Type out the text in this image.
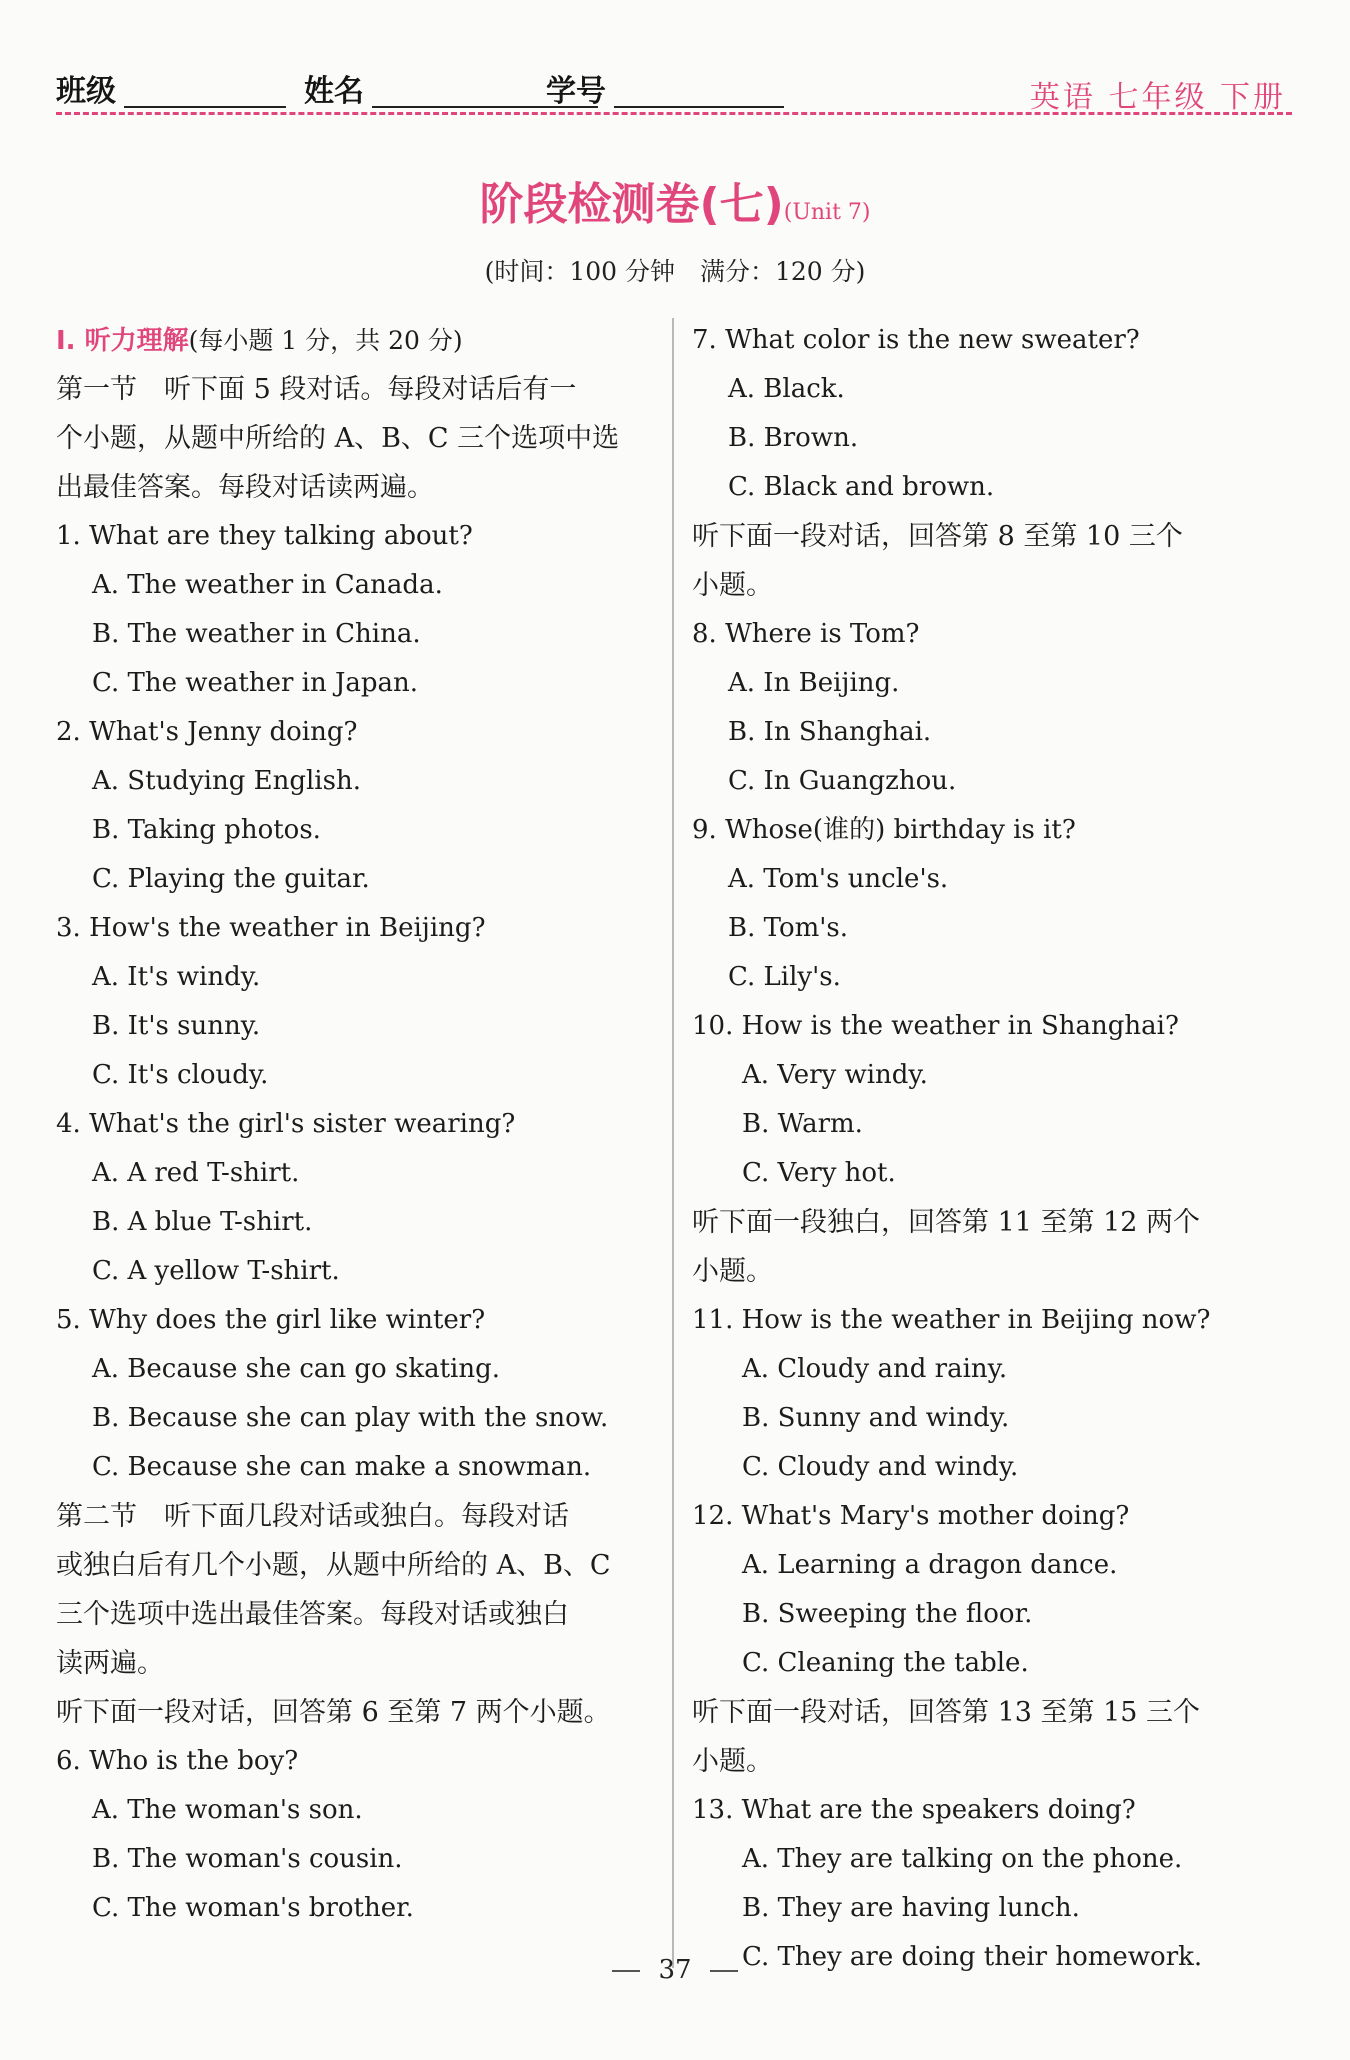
班级	姓名	学号	英语 七年级 下册
阶段检测卷(七)(Unit 7)
(时间：100 分钟　满分：120 分)
Ⅰ. 听力理解(每小题 1 分，共 20 分)
第一节　听下面 5 段对话。每段对话后有一
个小题，从题中所给的 A、B、C 三个选项中选
出最佳答案。每段对话读两遍。
1. What are they talking about?
A. The weather in Canada.
B. The weather in China.
C. The weather in Japan.
2. What's Jenny doing?
A. Studying English.
B. Taking photos.
C. Playing the guitar.
3. How's the weather in Beijing?
A. It's windy.
B. It's sunny.
C. It's cloudy.
4. What's the girl's sister wearing?
A. A red T-shirt.
B. A blue T-shirt.
C. A yellow T-shirt.
5. Why does the girl like winter?
A. Because she can go skating.
B. Because she can play with the snow.
C. Because she can make a snowman.
第二节　听下面几段对话或独白。每段对话
或独白后有几个小题，从题中所给的 A、B、C
三个选项中选出最佳答案。每段对话或独白
读两遍。
听下面一段对话，回答第 6 至第 7 两个小题。
6. Who is the boy?
A. The woman's son.
B. The woman's cousin.
C. The woman's brother.
7. What color is the new sweater?
A. Black.
B. Brown.
C. Black and brown.
听下面一段对话，回答第 8 至第 10 三个
小题。
8. Where is Tom?
A. In Beijing.
B. In Shanghai.
C. In Guangzhou.
9. Whose(谁的) birthday is it?
A. Tom's uncle's.
B. Tom's.
C. Lily's.
10. How is the weather in Shanghai?
A. Very windy.
B. Warm.
C. Very hot.
听下面一段独白，回答第 11 至第 12 两个
小题。
11. How is the weather in Beijing now?
A. Cloudy and rainy.
B. Sunny and windy.
C. Cloudy and windy.
12. What's Mary's mother doing?
A. Learning a dragon dance.
B. Sweeping the floor.
C. Cleaning the table.
听下面一段对话，回答第 13 至第 15 三个
小题。
13. What are the speakers doing?
A. They are talking on the phone.
B. They are having lunch.
C. They are doing their homework.
37
